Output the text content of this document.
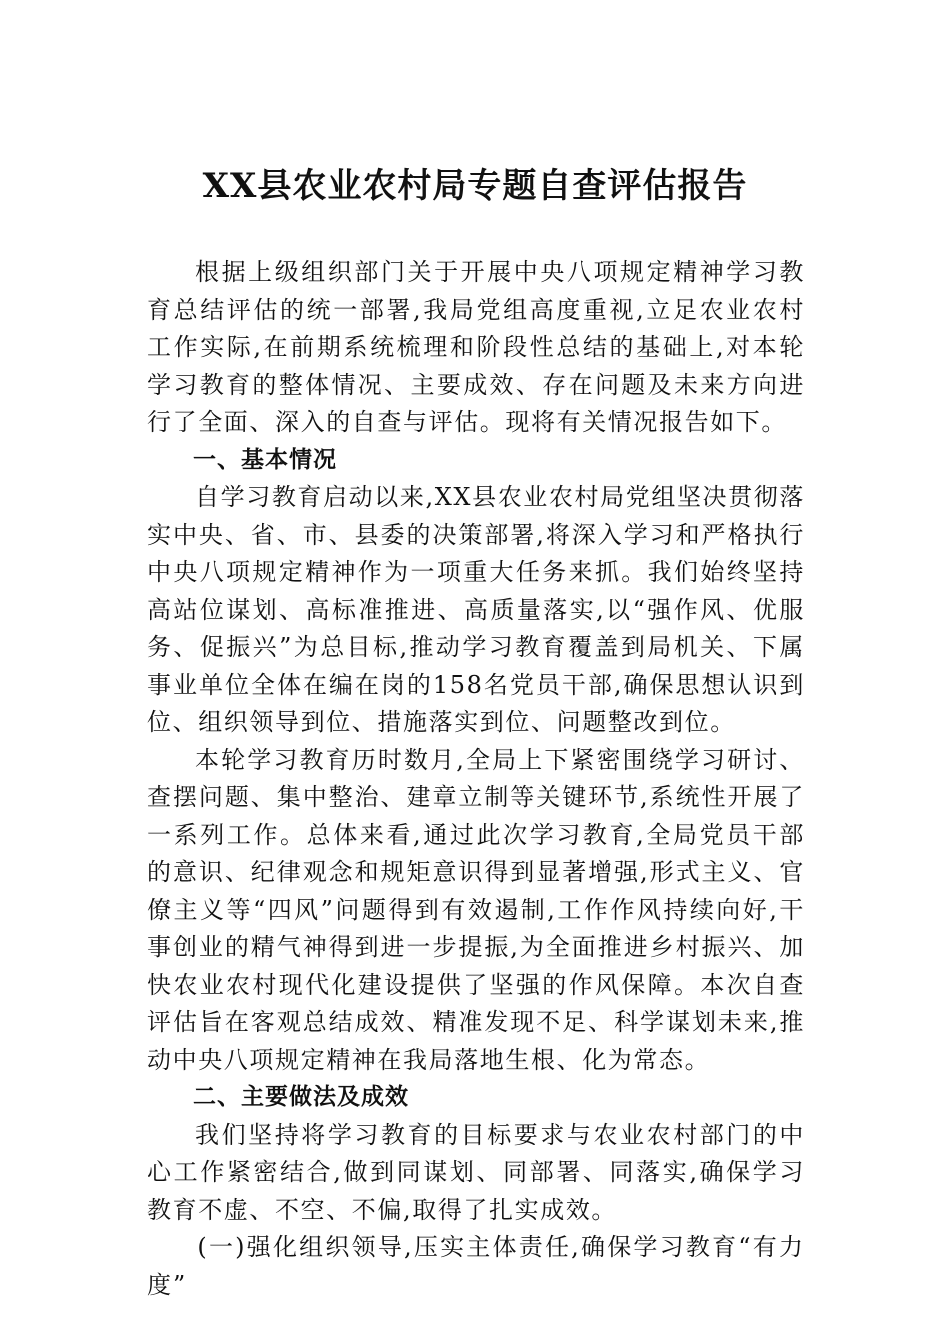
XX县农业农村局专题自查评估报告

根据上级组织部门关于开展中央八项规定精神学习教育总结评估的统一部署,我局党组高度重视,立足农业农村工作实际,在前期系统梳理和阶段性总结的基础上,对本轮学习教育的整体情况、主要成效、存在问题及未来方向进行了全面、深入的自查与评估。现将有关情况报告如下。

一、基本情况

自学习教育启动以来,XX县农业农村局党组坚决贯彻落实中央、省、市、县委的决策部署,将深入学习和严格执行中央八项规定精神作为一项重大任务来抓。我们始终坚持高站位谋划、高标准推进、高质量落实,以“强作风、优服务、促振兴”为总目标,推动学习教育覆盖到局机关、下属事业单位全体在编在岗的158名党员干部,确保思想认识到位、组织领导到位、措施落实到位、问题整改到位。

本轮学习教育历时数月,全局上下紧密围绕学习研讨、查摆问题、集中整治、建章立制等关键环节,系统性开展了一系列工作。总体来看,通过此次学习教育,全局党员干部的意识、纪律观念和规矩意识得到显著增强,形式主义、官僚主义等“四风”问题得到有效遏制,工作作风持续向好,干事创业的精气神得到进一步提振,为全面推进乡村振兴、加快农业农村现代化建设提供了坚强的作风保障。本次自查评估旨在客观总结成效、精准发现不足、科学谋划未来,推动中央八项规定精神在我局落地生根、化为常态。

二、主要做法及成效

我们坚持将学习教育的目标要求与农业农村部门的中心工作紧密结合,做到同谋划、同部署、同落实,确保学习教育不虚、不空、不偏,取得了扎实成效。

(一)强化组织领导,压实主体责任,确保学习教育“有力度”
